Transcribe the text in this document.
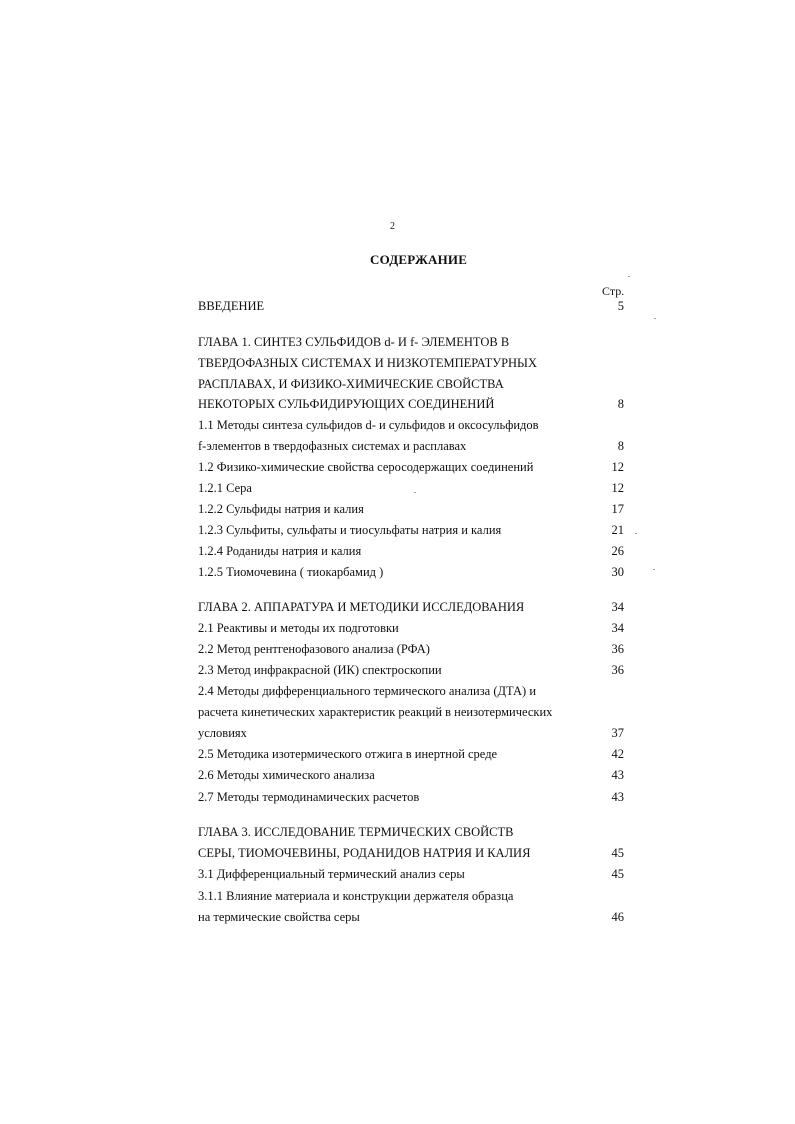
2
СОДЕРЖАНИЕ
Стр.
ВВЕДЕНИЕ	5
ГЛАВА 1. СИНТЕЗ СУЛЬФИДОВ d- И f- ЭЛЕМЕНТОВ В
ТВЕРДОФАЗНЫХ СИСТЕМАХ И НИЗКОТЕМПЕРАТУРНЫХ
РАСПЛАВАХ, И ФИЗИКО-ХИМИЧЕСКИЕ СВОЙСТВА
НЕКОТОРЫХ СУЛЬФИДИРУЮЩИХ СОЕДИНЕНИЙ	8
1.1 Методы синтеза сульфидов d- и сульфидов и оксосульфидов
f-элементов в твердофазных системах и расплавах	8
1.2 Физико-химические свойства серосодержащих соединений	12
1.2.1 Сера	12
1.2.2 Сульфиды натрия и калия	17
1.2.3 Сульфиты, сульфаты и тиосульфаты натрия и калия	21
1.2.4 Роданиды натрия и калия	26
1.2.5 Тиомочевина ( тиокарбамид )	30
ГЛАВА 2. АППАРАТУРА И МЕТОДИКИ ИССЛЕДОВАНИЯ	34
2.1 Реактивы и методы их подготовки	34
2.2 Метод рентгенофазового анализа (РФА)	36
2.3 Метод инфракрасной (ИК) спектроскопии	36
2.4 Методы дифференциального термического анализа (ДТА) и
расчета кинетических характеристик реакций в неизотермических
условиях	37
2.5 Методика изотермического отжига в инертной среде	42
2.6 Методы химического анализа	43
2.7 Методы термодинамических расчетов	43
ГЛАВА 3. ИССЛЕДОВАНИЕ ТЕРМИЧЕСКИХ СВОЙСТВ
СЕРЫ, ТИОМОЧЕВИНЫ, РОДАНИДОВ НАТРИЯ И КАЛИЯ	45
3.1 Дифференциальный термический анализ серы	45
3.1.1 Влияние материала и конструкции держателя образца
на термические свойства серы	46
